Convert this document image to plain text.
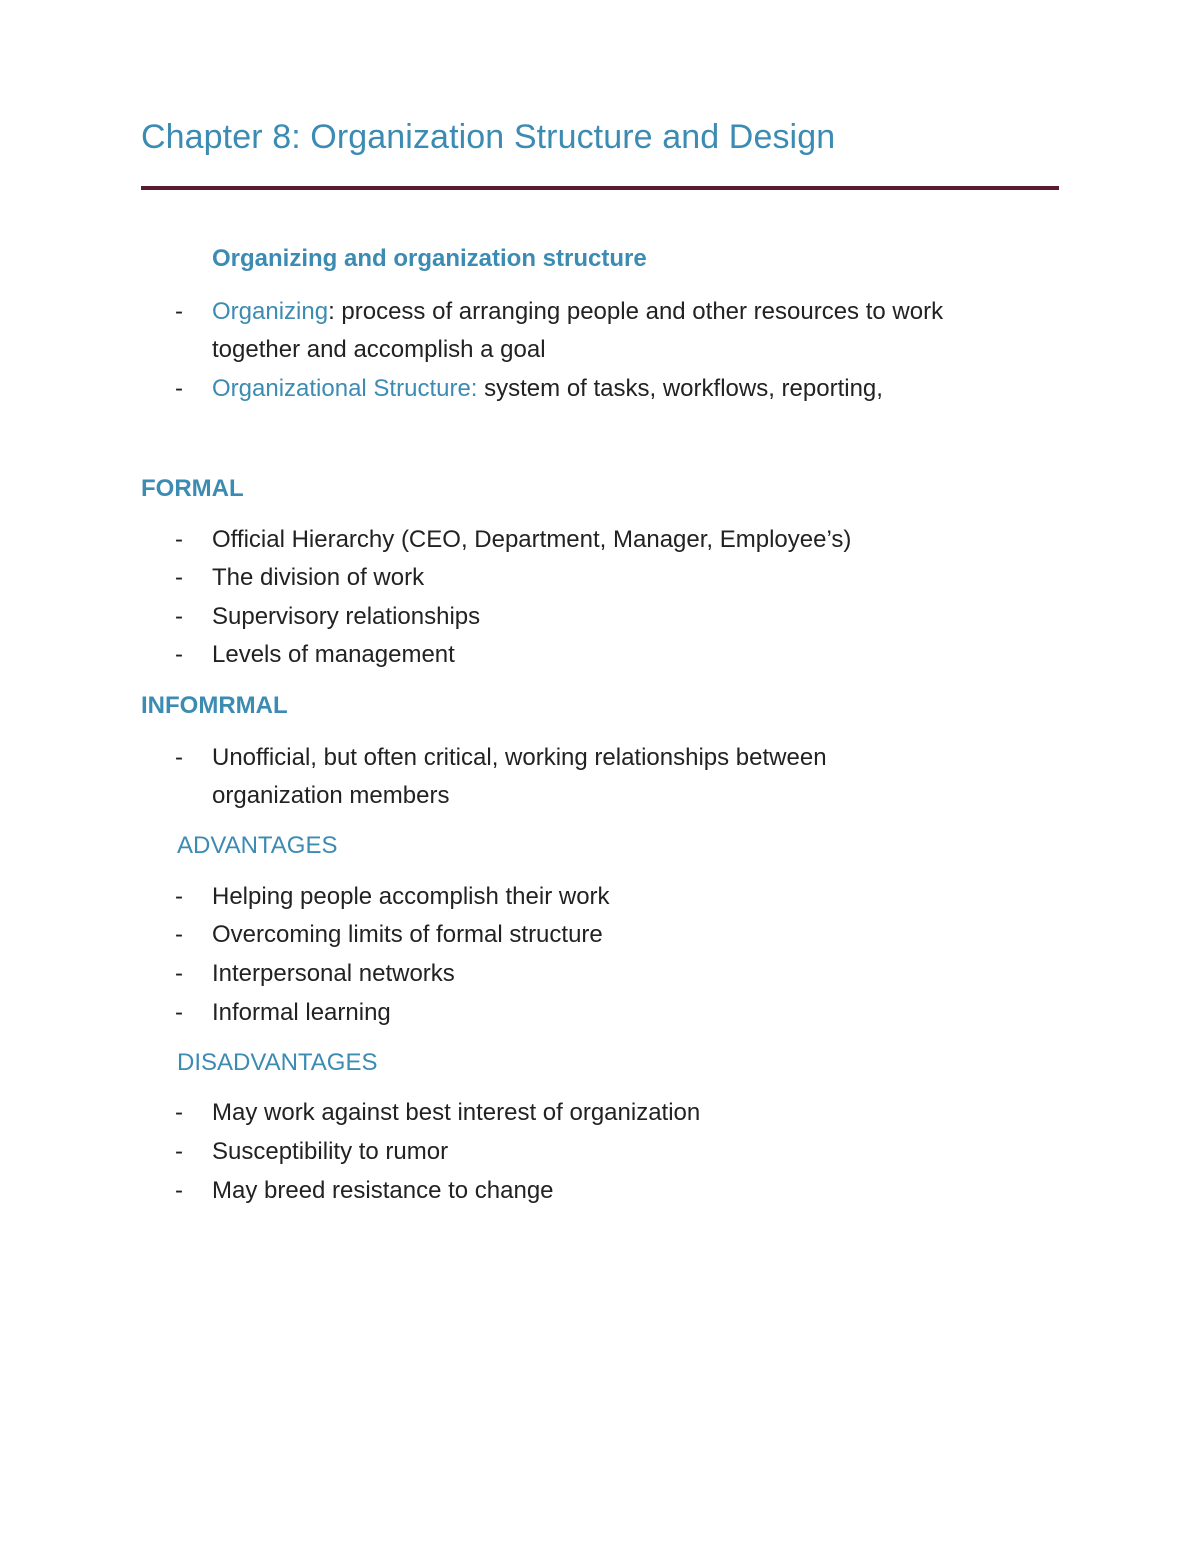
Chapter 8: Organization Structure and Design
Organizing and organization structure
- Organizing: process of arranging people and other resources to work
together and accomplish a goal
- Organizational Structure: system of tasks, workflows, reporting,
FORMAL
- Official Hierarchy (CEO, Department, Manager, Employee’s)
- The division of work
- Supervisory relationships
- Levels of management
INFOMRMAL
- Unofficial, but often critical, working relationships between
organization members
ADVANTAGES
- Helping people accomplish their work
- Overcoming limits of formal structure
- Interpersonal networks
- Informal learning
DISADVANTAGES
- May work against best interest of organization
- Susceptibility to rumor
- May breed resistance to change
